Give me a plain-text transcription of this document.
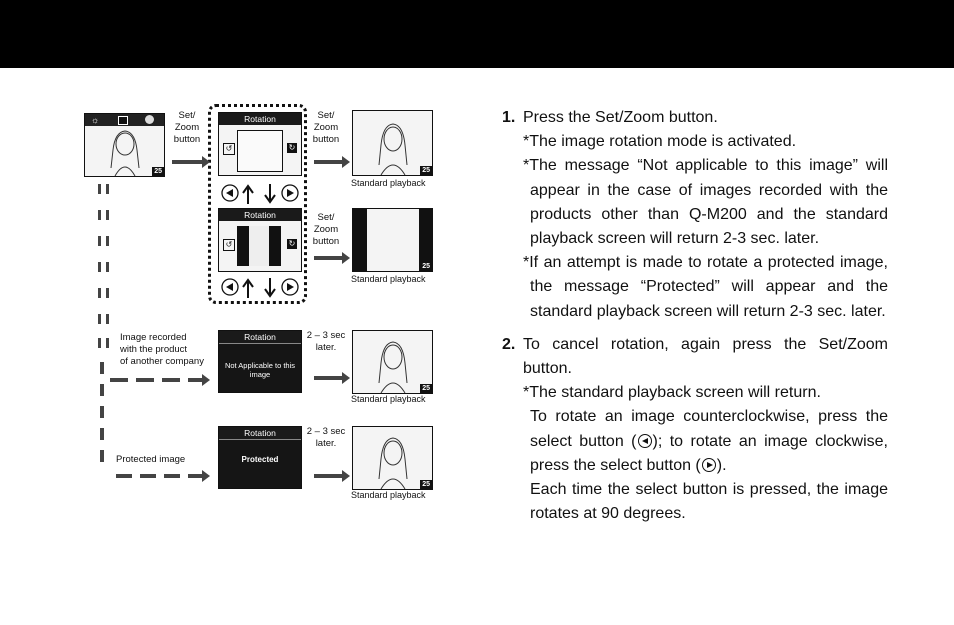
☼
25
Set/
Zoom
button
Rotation
↺	↻
Rotation
↺	↻
Set/
Zoom
button
Set/
Zoom
button
25
Standard playback
25
Standard playback
Image recorded
with the product
of another company
Rotation
Not Applicable to this image
2 – 3 sec
later.
25
Standard playback
Protected image
Rotation
Protected
2 – 3 sec
later.
25
Standard playback
1. Press the Set/Zoom button.
*The image rotation mode is activated.
*The message “Not applicable to this image” will appear in the case of images recorded with the products other than Q-M200 and the standard playback screen will return 2-3 sec. later.
*If an attempt is made to rotate a protected image, the message “Protected” will appear and the standard playback screen will return 2-3 sec. later.
2. To cancel rotation, again press the Set/Zoom button.
*The standard playback screen will return.
To rotate an image counterclockwise, press the select button ( ); to rotate an image clockwise, press the select button ( ).
Each time the select button is pressed, the image rotates at 90 degrees.
